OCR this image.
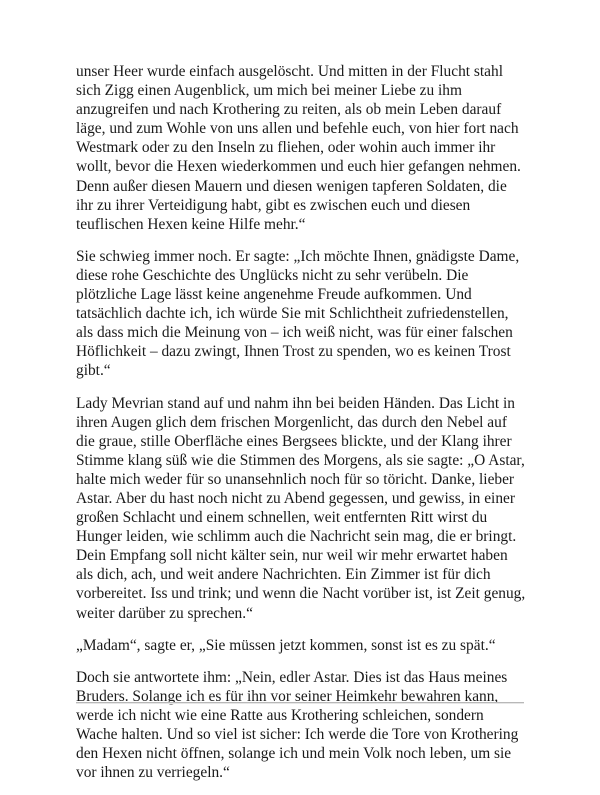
unser Heer wurde einfach ausgelöscht. Und mitten in der Flucht stahl sich Zigg einen Augenblick, um mich bei meiner Liebe zu ihm anzugreifen und nach Krothering zu reiten, als ob mein Leben darauf läge, und zum Wohle von uns allen und befehle euch, von hier fort nach Westmark oder zu den Inseln zu fliehen, oder wohin auch immer ihr wollt, bevor die Hexen wiederkommen und euch hier gefangen nehmen. Denn außer diesen Mauern und diesen wenigen tapferen Soldaten, die ihr zu ihrer Verteidigung habt, gibt es zwischen euch und diesen teuflischen Hexen keine Hilfe mehr.“

Sie schwieg immer noch. Er sagte: „Ich möchte Ihnen, gnädigste Dame, diese rohe Geschichte des Unglücks nicht zu sehr verübeln. Die plötzliche Lage lässt keine angenehme Freude aufkommen. Und tatsächlich dachte ich, ich würde Sie mit Schlichtheit zufriedenstellen, als dass mich die Meinung von – ich weiß nicht, was für einer falschen Höflichkeit – dazu zwingt, Ihnen Trost zu spenden, wo es keinen Trost gibt.“

Lady Mevrian stand auf und nahm ihn bei beiden Händen. Das Licht in ihren Augen glich dem frischen Morgenlicht, das durch den Nebel auf die graue, stille Oberfläche eines Bergsees blickte, und der Klang ihrer Stimme klang süß wie die Stimmen des Morgens, als sie sagte: „O Astar, halte mich weder für so unansehnlich noch für so töricht. Danke, lieber Astar. Aber du hast noch nicht zu Abend gegessen, und gewiss, in einer großen Schlacht und einem schnellen, weit entfernten Ritt wirst du Hunger leiden, wie schlimm auch die Nachricht sein mag, die er bringt. Dein Empfang soll nicht kälter sein, nur weil wir mehr erwartet haben als dich, ach, und weit andere Nachrichten. Ein Zimmer ist für dich vorbereitet. Iss und trink; und wenn die Nacht vorüber ist, ist Zeit genug, weiter darüber zu sprechen.“

„Madam“, sagte er, „Sie müssen jetzt kommen, sonst ist es zu spät.“

Doch sie antwortete ihm: „Nein, edler Astar. Dies ist das Haus meines Bruders. Solange ich es für ihn vor seiner Heimkehr bewahren kann, werde ich nicht wie eine Ratte aus Krothering schleichen, sondern Wache halten. Und so viel ist sicher: Ich werde die Tore von Krothering den Hexen nicht öffnen, solange ich und mein Volk noch leben, um sie vor ihnen zu verriegeln.“
